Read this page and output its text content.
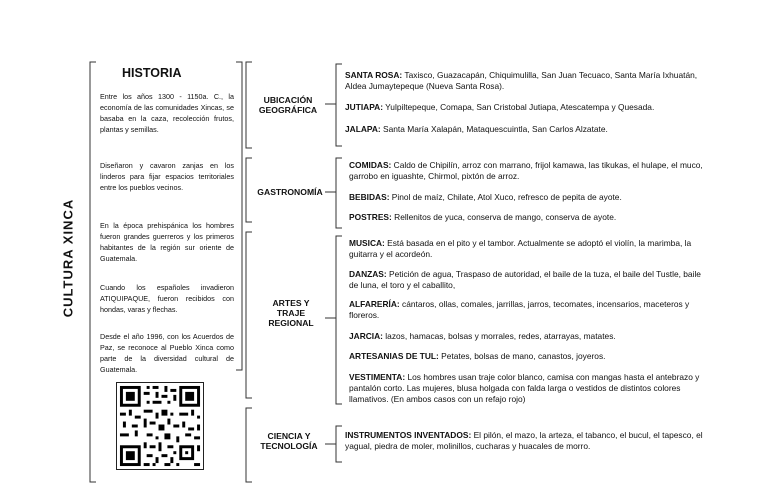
CULTURA XINCA
HISTORIA
Entre los años 1300 - 1150a. C., la economía de las comunidades Xincas, se basaba en la caza, recolección frutos, plantas y semillas.
Diseñaron y cavaron zanjas en los linderos para fijar espacios territoriales entre los pueblos vecinos.
En la época prehispánica los hombres fueron grandes guerreros y los primeros habitantes de la región sur oriente de Guatemala.
Cuando los españoles invadieron ATIQUIPAQUE, fueron recibidos con hondas, varas y flechas.
Desde el año 1996, con los Acuerdos de Paz, se reconoce al Pueblo Xinca como parte de la diversidad cultural de Guatemala.
UBICACIÓN GEOGRÁFICA
GASTRONOMÍA
ARTES Y TRAJE REGIONAL
CIENCIA Y TECNOLOGÍA
SANTA ROSA: Taxisco, Guazacapán, Chiquimulilla, San Juan Tecuaco, Santa María Ixhuatán, Aldea Jumaytepeque (Nueva Santa Rosa).
JUTIAPA: Yulpiltepeque, Comapa, San Cristobal Jutiapa, Atescatempa y Quesada.
JALAPA: Santa María Xalapán, Mataquescuintla, San Carlos Alzatate.
COMIDAS: Caldo de Chipilín, arroz con marrano, frijol kamawa, las tikukas, el hulape, el muco, garrobo en iguashte, Chirmol, pixtón de arroz.
BEBIDAS: Pinol de maíz, Chilate, Atol Xuco, refresco de pepita de ayote.
POSTRES: Rellenitos de yuca, conserva de mango, conserva de ayote.
MUSICA: Está basada en el pito y el tambor. Actualmente se adoptó el violín, la marimba, la guitarra y el acordeón.
DANZAS: Petición de agua, Traspaso de autoridad, el baile de la tuza, el baile del Tustle, baile de luna, el toro y el caballito,
ALFARERÍA: cántaros, ollas, comales, jarrillas, jarros, tecomates, incensarios, maceteros y floreros.
JARCIA: lazos, hamacas, bolsas y morrales, redes, atarrayas, matates.
ARTESANIAS DE TUL: Petates, bolsas de mano, canastos, joyeros.
VESTIMENTA: Los hombres usan traje color blanco, camisa con mangas hasta el antebrazo y pantalón corto. Las mujeres, blusa holgada con falda larga o vestidos de distintos colores llamativos. (En ambos casos con un refajo rojo)
INSTRUMENTOS INVENTADOS: El pilón, el mazo, la arteza, el tabanco, el bucul, el tapesco, el yagual, piedra de moler, molinillos, cucharas y huacales de morro.
